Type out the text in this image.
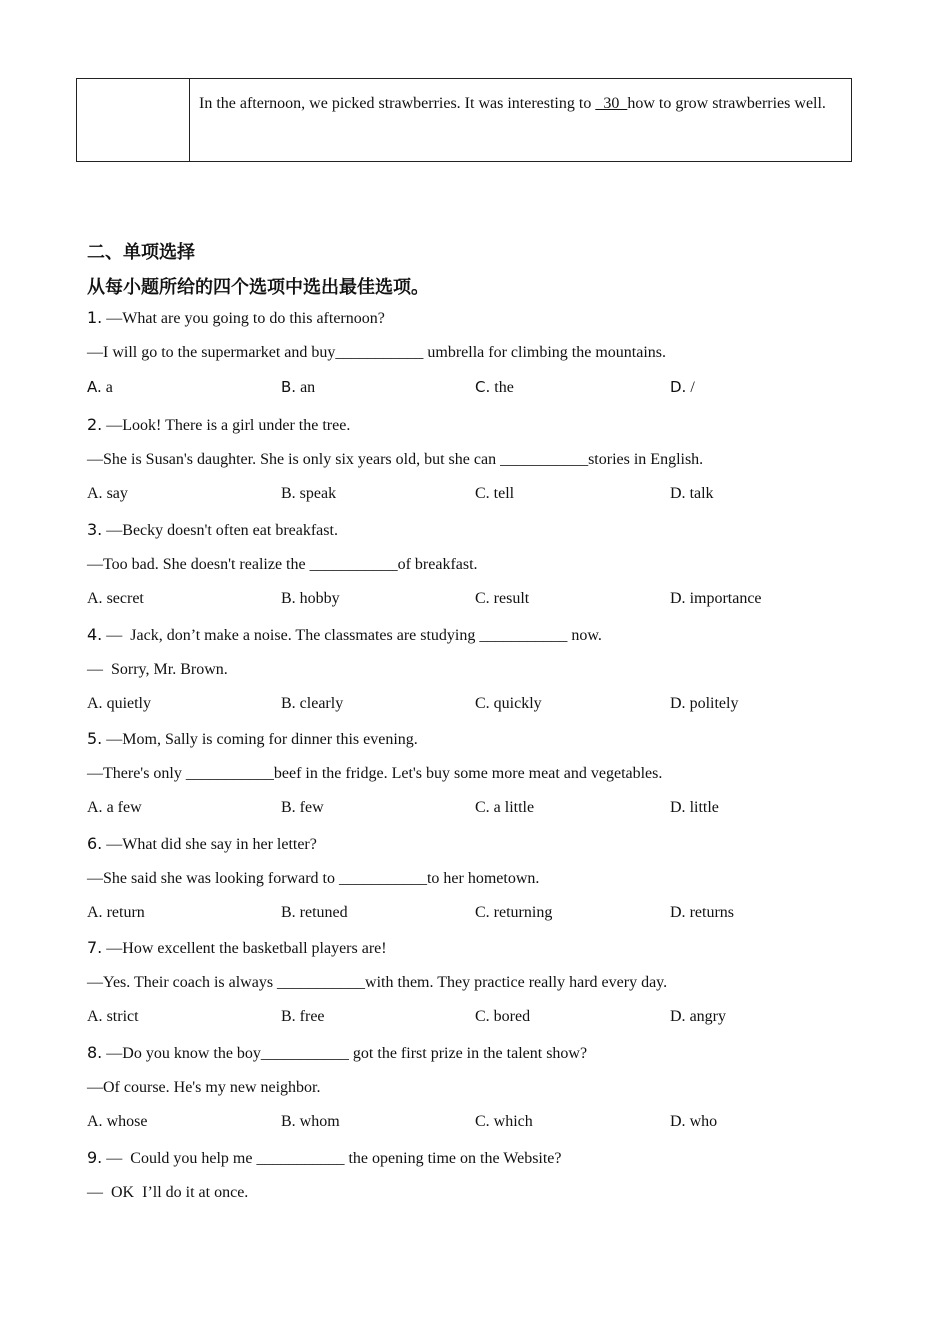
In the afternoon, we picked strawberries. It was interesting to   30  how to grow strawberries well.
二、单项选择
从每小题所给的四个选项中选出最佳选项。
1. —What are you going to do this afternoon?
—I will go to the supermarket and buy___________ umbrella for climbing the mountains.
A. a	B. an	C. the	D. /
2. —Look! There is a girl under the tree.
—She is Susan's daughter. She is only six years old, but she can ___________stories in English.
A. say	B. speak	C. tell	D. talk
3. —Becky doesn't often eat breakfast.
—Too bad. She doesn't realize the ___________of breakfast.
A. secret	B. hobby	C. result	D. importance
4. —  Jack, don’t make a noise. The classmates are studying ___________ now.
—  Sorry, Mr. Brown.
A. quietly	B. clearly	C. quickly	D. politely
5. —Mom, Sally is coming for dinner this evening.
—There's only ___________beef in the fridge. Let's buy some more meat and vegetables.
A. a few	B. few	C. a little	D. little
6. —What did she say in her letter?
—She said she was looking forward to ___________to her hometown.
A. return	B. retuned	C. returning	D. returns
7. —How excellent the basketball players are!
—Yes. Their coach is always ___________with them. They practice really hard every day.
A. strict	B. free	C. bored	D. angry
8. —Do you know the boy___________ got the first prize in the talent show?
—Of course. He's my new neighbor.
A. whose	B. whom	C. which	D. who
9. —  Could you help me ___________ the opening time on the Website?
—  OK  I’ll do it at once.
